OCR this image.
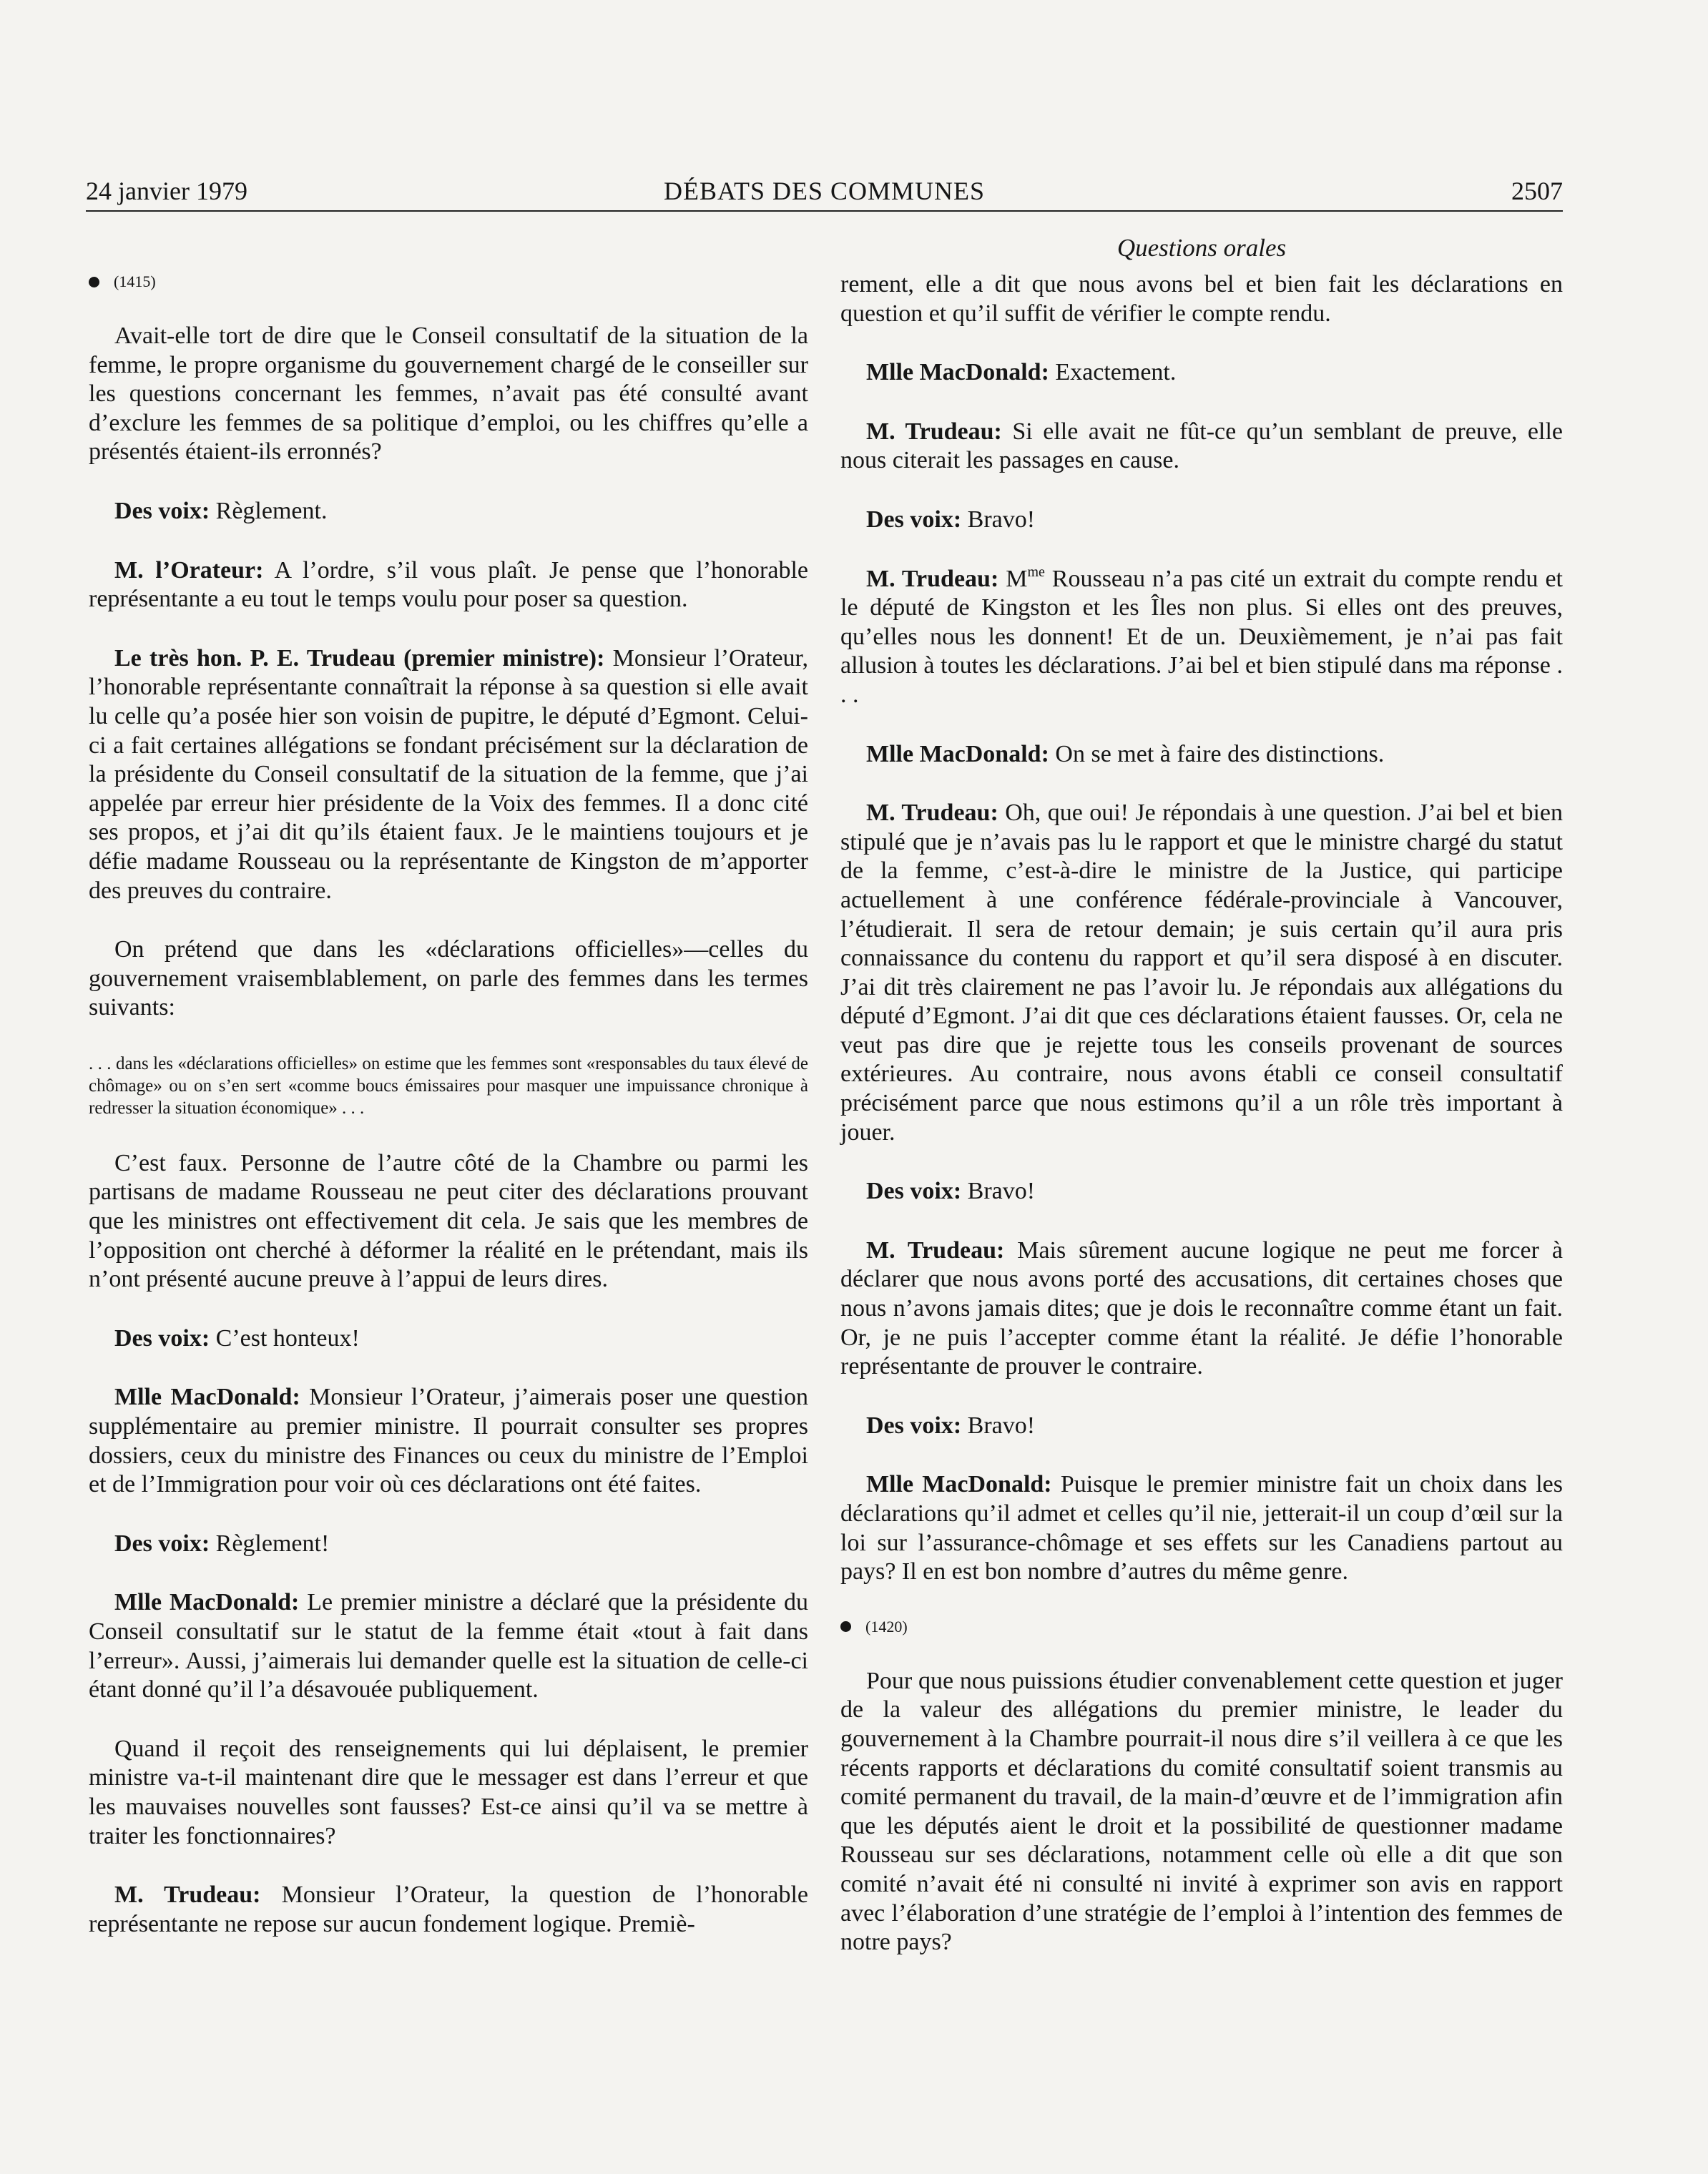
24 janvier 1979	DÉBATS DES COMMUNES	2507
Questions orales

(1415)

Avait-elle tort de dire que le Conseil consultatif de la situation de la femme, le propre organisme du gouvernement chargé de le conseiller sur les questions concernant les femmes, n’avait pas été consulté avant d’exclure les femmes de sa politique d’emploi, ou les chiffres qu’elle a présentés étaient-ils erronnés?

Des voix: Règlement.

M. l’Orateur: A l’ordre, s’il vous plaît. Je pense que l’honorable représentante a eu tout le temps voulu pour poser sa question.

Le très hon. P. E. Trudeau (premier ministre): Monsieur l’Orateur, l’honorable représentante connaîtrait la réponse à sa question si elle avait lu celle qu’a posée hier son voisin de pupitre, le député d’Egmont. Celui-ci a fait certaines allégations se fondant précisément sur la déclaration de la présidente du Conseil consultatif de la situation de la femme, que j’ai appelée par erreur hier présidente de la Voix des femmes. Il a donc cité ses propos, et j’ai dit qu’ils étaient faux. Je le maintiens toujours et je défie madame Rousseau ou la représentante de Kingston de m’apporter des preuves du contraire.

On prétend que dans les «déclarations officielles»—celles du gouvernement vraisemblablement, on parle des femmes dans les termes suivants:

. . . dans les «déclarations officielles» on estime que les femmes sont «responsables du taux élevé de chômage» ou on s’en sert «comme boucs émissaires pour masquer une impuissance chronique à redresser la situation économique» . . .

C’est faux. Personne de l’autre côté de la Chambre ou parmi les partisans de madame Rousseau ne peut citer des déclarations prouvant que les ministres ont effectivement dit cela. Je sais que les membres de l’opposition ont cherché à déformer la réalité en le prétendant, mais ils n’ont présenté aucune preuve à l’appui de leurs dires.

Des voix: C’est honteux!

Mlle MacDonald: Monsieur l’Orateur, j’aimerais poser une question supplémentaire au premier ministre. Il pourrait consulter ses propres dossiers, ceux du ministre des Finances ou ceux du ministre de l’Emploi et de l’Immigration pour voir où ces déclarations ont été faites.

Des voix: Règlement!

Mlle MacDonald: Le premier ministre a déclaré que la présidente du Conseil consultatif sur le statut de la femme était «tout à fait dans l’erreur». Aussi, j’aimerais lui demander quelle est la situation de celle-ci étant donné qu’il l’a désavouée publiquement.

Quand il reçoit des renseignements qui lui déplaisent, le premier ministre va-t-il maintenant dire que le messager est dans l’erreur et que les mauvaises nouvelles sont fausses? Est-ce ainsi qu’il va se mettre à traiter les fonctionnaires?

M. Trudeau: Monsieur l’Orateur, la question de l’honorable représentante ne repose sur aucun fondement logique. Premiè-

rement, elle a dit que nous avons bel et bien fait les déclarations en question et qu’il suffit de vérifier le compte rendu.

Mlle MacDonald: Exactement.

M. Trudeau: Si elle avait ne fût-ce qu’un semblant de preuve, elle nous citerait les passages en cause.

Des voix: Bravo!

M. Trudeau: $M^{me}$ Rousseau n’a pas cité un extrait du compte rendu et le député de Kingston et les Îles non plus. Si elles ont des preuves, qu’elles nous les donnent! Et de un. Deuxièmement, je n’ai pas fait allusion à toutes les déclarations. J’ai bel et bien stipulé dans ma réponse . . .

Mlle MacDonald: On se met à faire des distinctions.

M. Trudeau: Oh, que oui! Je répondais à une question. J’ai bel et bien stipulé que je n’avais pas lu le rapport et que le ministre chargé du statut de la femme, c’est-à-dire le ministre de la Justice, qui participe actuellement à une conférence fédérale-provinciale à Vancouver, l’étudierait. Il sera de retour demain; je suis certain qu’il aura pris connaissance du contenu du rapport et qu’il sera disposé à en discuter. J’ai dit très clairement ne pas l’avoir lu. Je répondais aux allégations du député d’Egmont. J’ai dit que ces déclarations étaient fausses. Or, cela ne veut pas dire que je rejette tous les conseils provenant de sources extérieures. Au contraire, nous avons établi ce conseil consultatif précisément parce que nous estimons qu’il a un rôle très important à jouer.

Des voix: Bravo!

M. Trudeau: Mais sûrement aucune logique ne peut me forcer à déclarer que nous avons porté des accusations, dit certaines choses que nous n’avons jamais dites; que je dois le reconnaître comme étant un fait. Or, je ne puis l’accepter comme étant la réalité. Je défie l’honorable représentante de prouver le contraire.

Des voix: Bravo!

Mlle MacDonald: Puisque le premier ministre fait un choix dans les déclarations qu’il admet et celles qu’il nie, jetterait-il un coup d’œil sur la loi sur l’assurance-chômage et ses effets sur les Canadiens partout au pays? Il en est bon nombre d’autres du même genre.

(1420)

Pour que nous puissions étudier convenablement cette question et juger de la valeur des allégations du premier ministre, le leader du gouvernement à la Chambre pourrait-il nous dire s’il veillera à ce que les récents rapports et déclarations du comité consultatif soient transmis au comité permanent du travail, de la main-d’œuvre et de l’immigration afin que les députés aient le droit et la possibilité de questionner madame Rousseau sur ses déclarations, notamment celle où elle a dit que son comité n’avait été ni consulté ni invité à exprimer son avis en rapport avec l’élaboration d’une stratégie de l’emploi à l’intention des femmes de notre pays?
